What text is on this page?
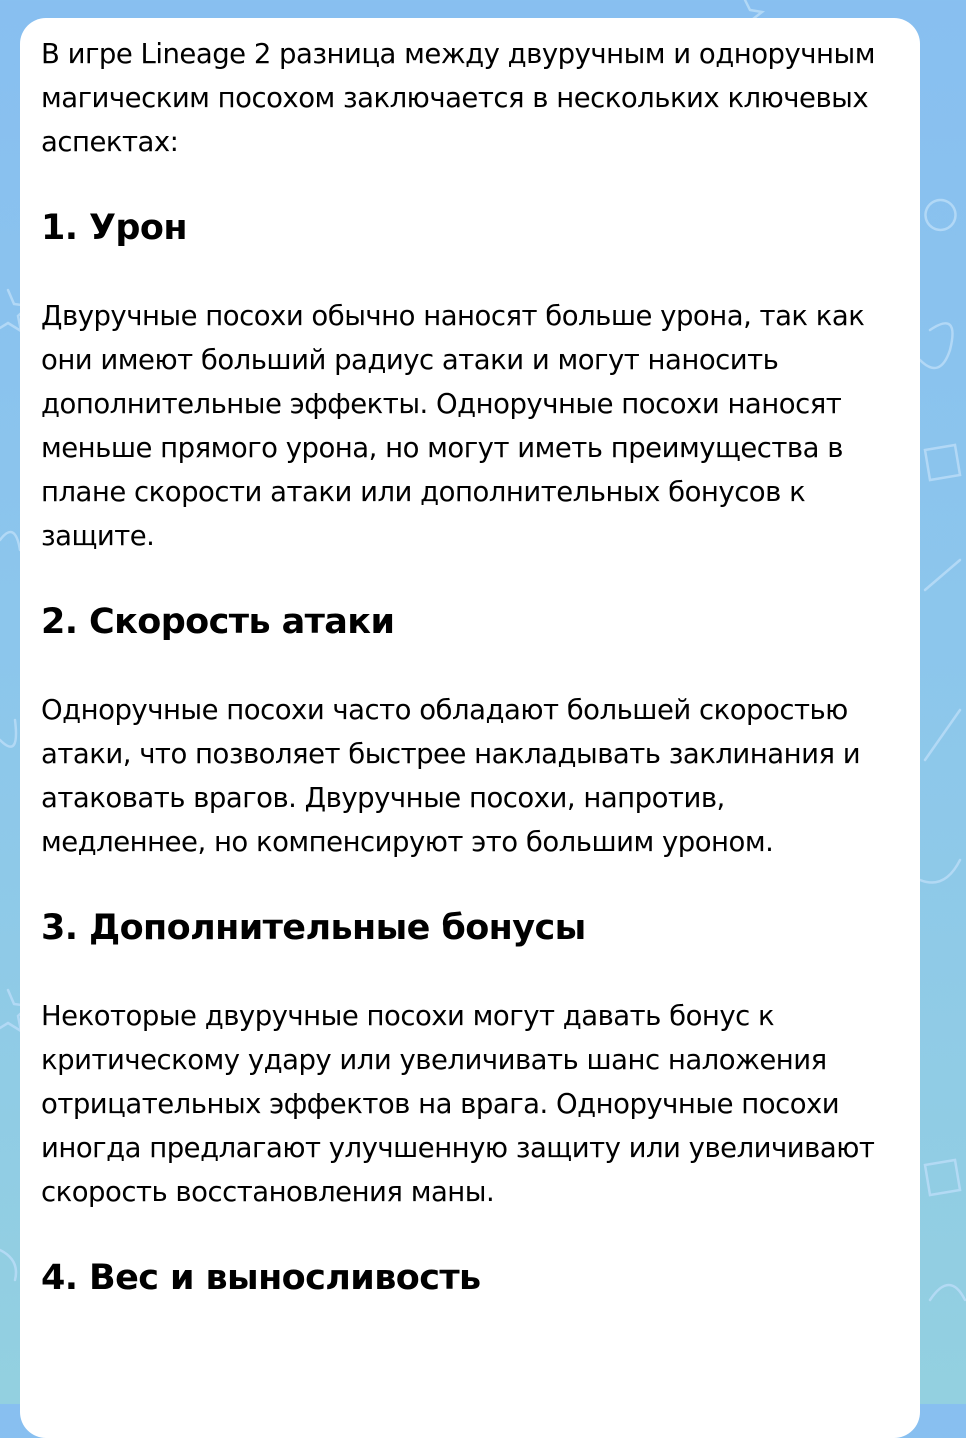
В игре Lineage 2 разница между двуручным и одноручным магическим посохом заключается в нескольких ключевых аспектах:

1. Урон

Двуручные посохи обычно наносят больше урона, так как они имеют больший радиус атаки и могут наносить дополнительные эффекты. Одноручные посохи наносят меньше прямого урона, но могут иметь преимущества в плане скорости атаки или дополнительных бонусов к защите.

2. Скорость атаки

Одноручные посохи часто обладают большей скоростью атаки, что позволяет быстрее накладывать заклинания и атаковать врагов. Двуручные посохи, напротив, медленнее, но компенсируют это большим уроном.

3. Дополнительные бонусы

Некоторые двуручные посохи могут давать бонус к критическому удару или увеличивать шанс наложения отрицательных эффектов на врага. Одноручные посохи иногда предлагают улучшенную защиту или увеличивают скорость восстановления маны.

4. Вес и выносливость
